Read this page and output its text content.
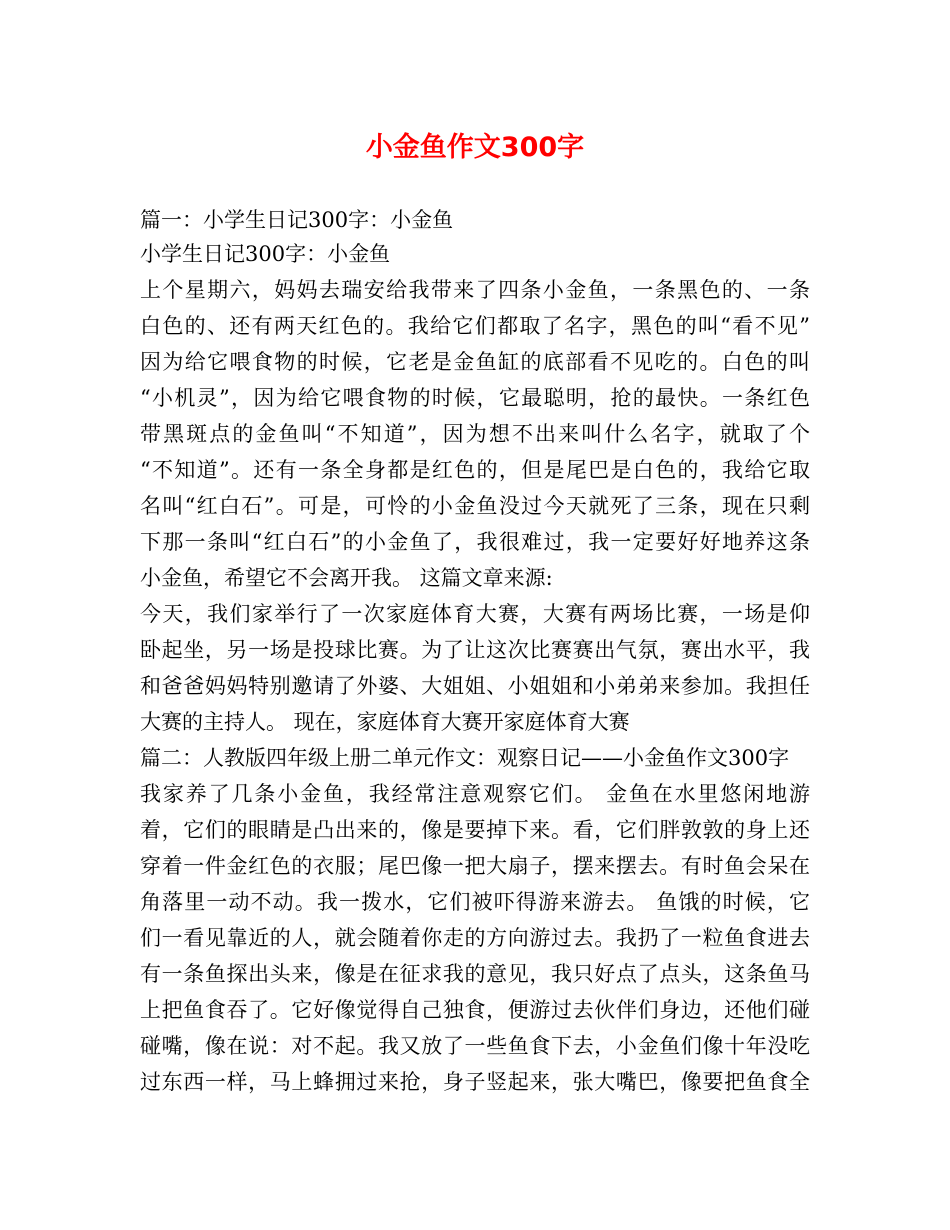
小金鱼作文300字
篇一：小学生日记300字：小金鱼
小学生日记300字：小金鱼
上个星期六，妈妈去瑞安给我带来了四条小金鱼，一条黑色的、一条
白色的、还有两天红色的。我给它们都取了名字，黑色的叫“看不见”
因为给它喂食物的时候，它老是金鱼缸的底部看不见吃的。白色的叫
“小机灵”，因为给它喂食物的时候，它最聪明，抢的最快。一条红色
带黑斑点的金鱼叫“不知道”，因为想不出来叫什么名字，就取了个
“不知道”。还有一条全身都是红色的，但是尾巴是白色的，我给它取
名叫“红白石”。可是，可怜的小金鱼没过今天就死了三条，现在只剩
下那一条叫“红白石”的小金鱼了，我很难过，我一定要好好地养这条
小金鱼，希望它不会离开我。 这篇文章来源:
今天，我们家举行了一次家庭体育大赛，大赛有两场比赛，一场是仰
卧起坐，另一场是投球比赛。为了让这次比赛赛出气氛，赛出水平，我
和爸爸妈妈特别邀请了外婆、大姐姐、小姐姐和小弟弟来参加。我担任
大赛的主持人。 现在，家庭体育大赛开家庭体育大赛
篇二：人教版四年级上册二单元作文：观察日记——小金鱼作文300字
我家养了几条小金鱼，我经常注意观察它们。 金鱼在水里悠闲地游
着，它们的眼睛是凸出来的，像是要掉下来。看，它们胖敦敦的身上还
穿着一件金红色的衣服；尾巴像一把大扇子，摆来摆去。有时鱼会呆在
角落里一动不动。我一拨水，它们被吓得游来游去。 鱼饿的时候，它
们一看见靠近的人，就会随着你走的方向游过去。我扔了一粒鱼食进去
有一条鱼探出头来，像是在征求我的意见，我只好点了点头，这条鱼马
上把鱼食吞了。它好像觉得自己独食，便游过去伙伴们身边，还他们碰
碰嘴，像在说：对不起。我又放了一些鱼食下去，小金鱼们像十年没吃
过东西一样，马上蜂拥过来抢，身子竖起来，张大嘴巴，像要把鱼食全
